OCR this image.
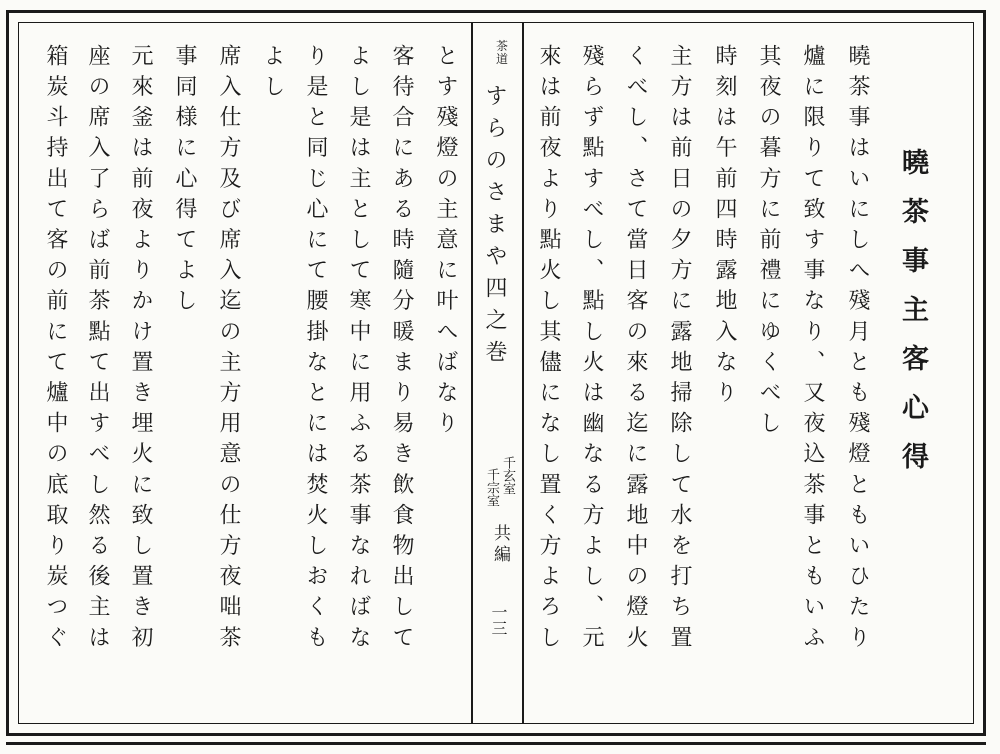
曉茶事主客心得
曉茶事はいにしへ殘月とも殘燈ともいひたり
爐に限りて致す事なり、又夜込茶事ともいふ
其夜の暮方に前禮にゆくべし
時刻は午前四時露地入なり
主方は前日の夕方に露地掃除して水を打ち置
くべし、さて當日客の來る迄に露地中の燈火
殘らず點すべし、點し火は幽なる方よし、元
來は前夜より點火し其儘になし置く方よろし
茶
道
すらのさまや四之巻
千玄室
千宗室
共編
一三
とす殘燈の主意に叶へばなり
客待合にある時隨分暖まり易き飲食物出して
よし是は主として寒中に用ふる茶事なればな
り是と同じ心にて腰掛なとには焚火しおくも
よし
席入仕方及び席入迄の主方用意の仕方夜咄茶
事同様に心得てよし
元來釜は前夜よりかけ置き埋火に致し置き初
座の席入了らば前茶點て出すべし然る後主は
箱炭斗持出て客の前にて爐中の底取り炭つぐ
